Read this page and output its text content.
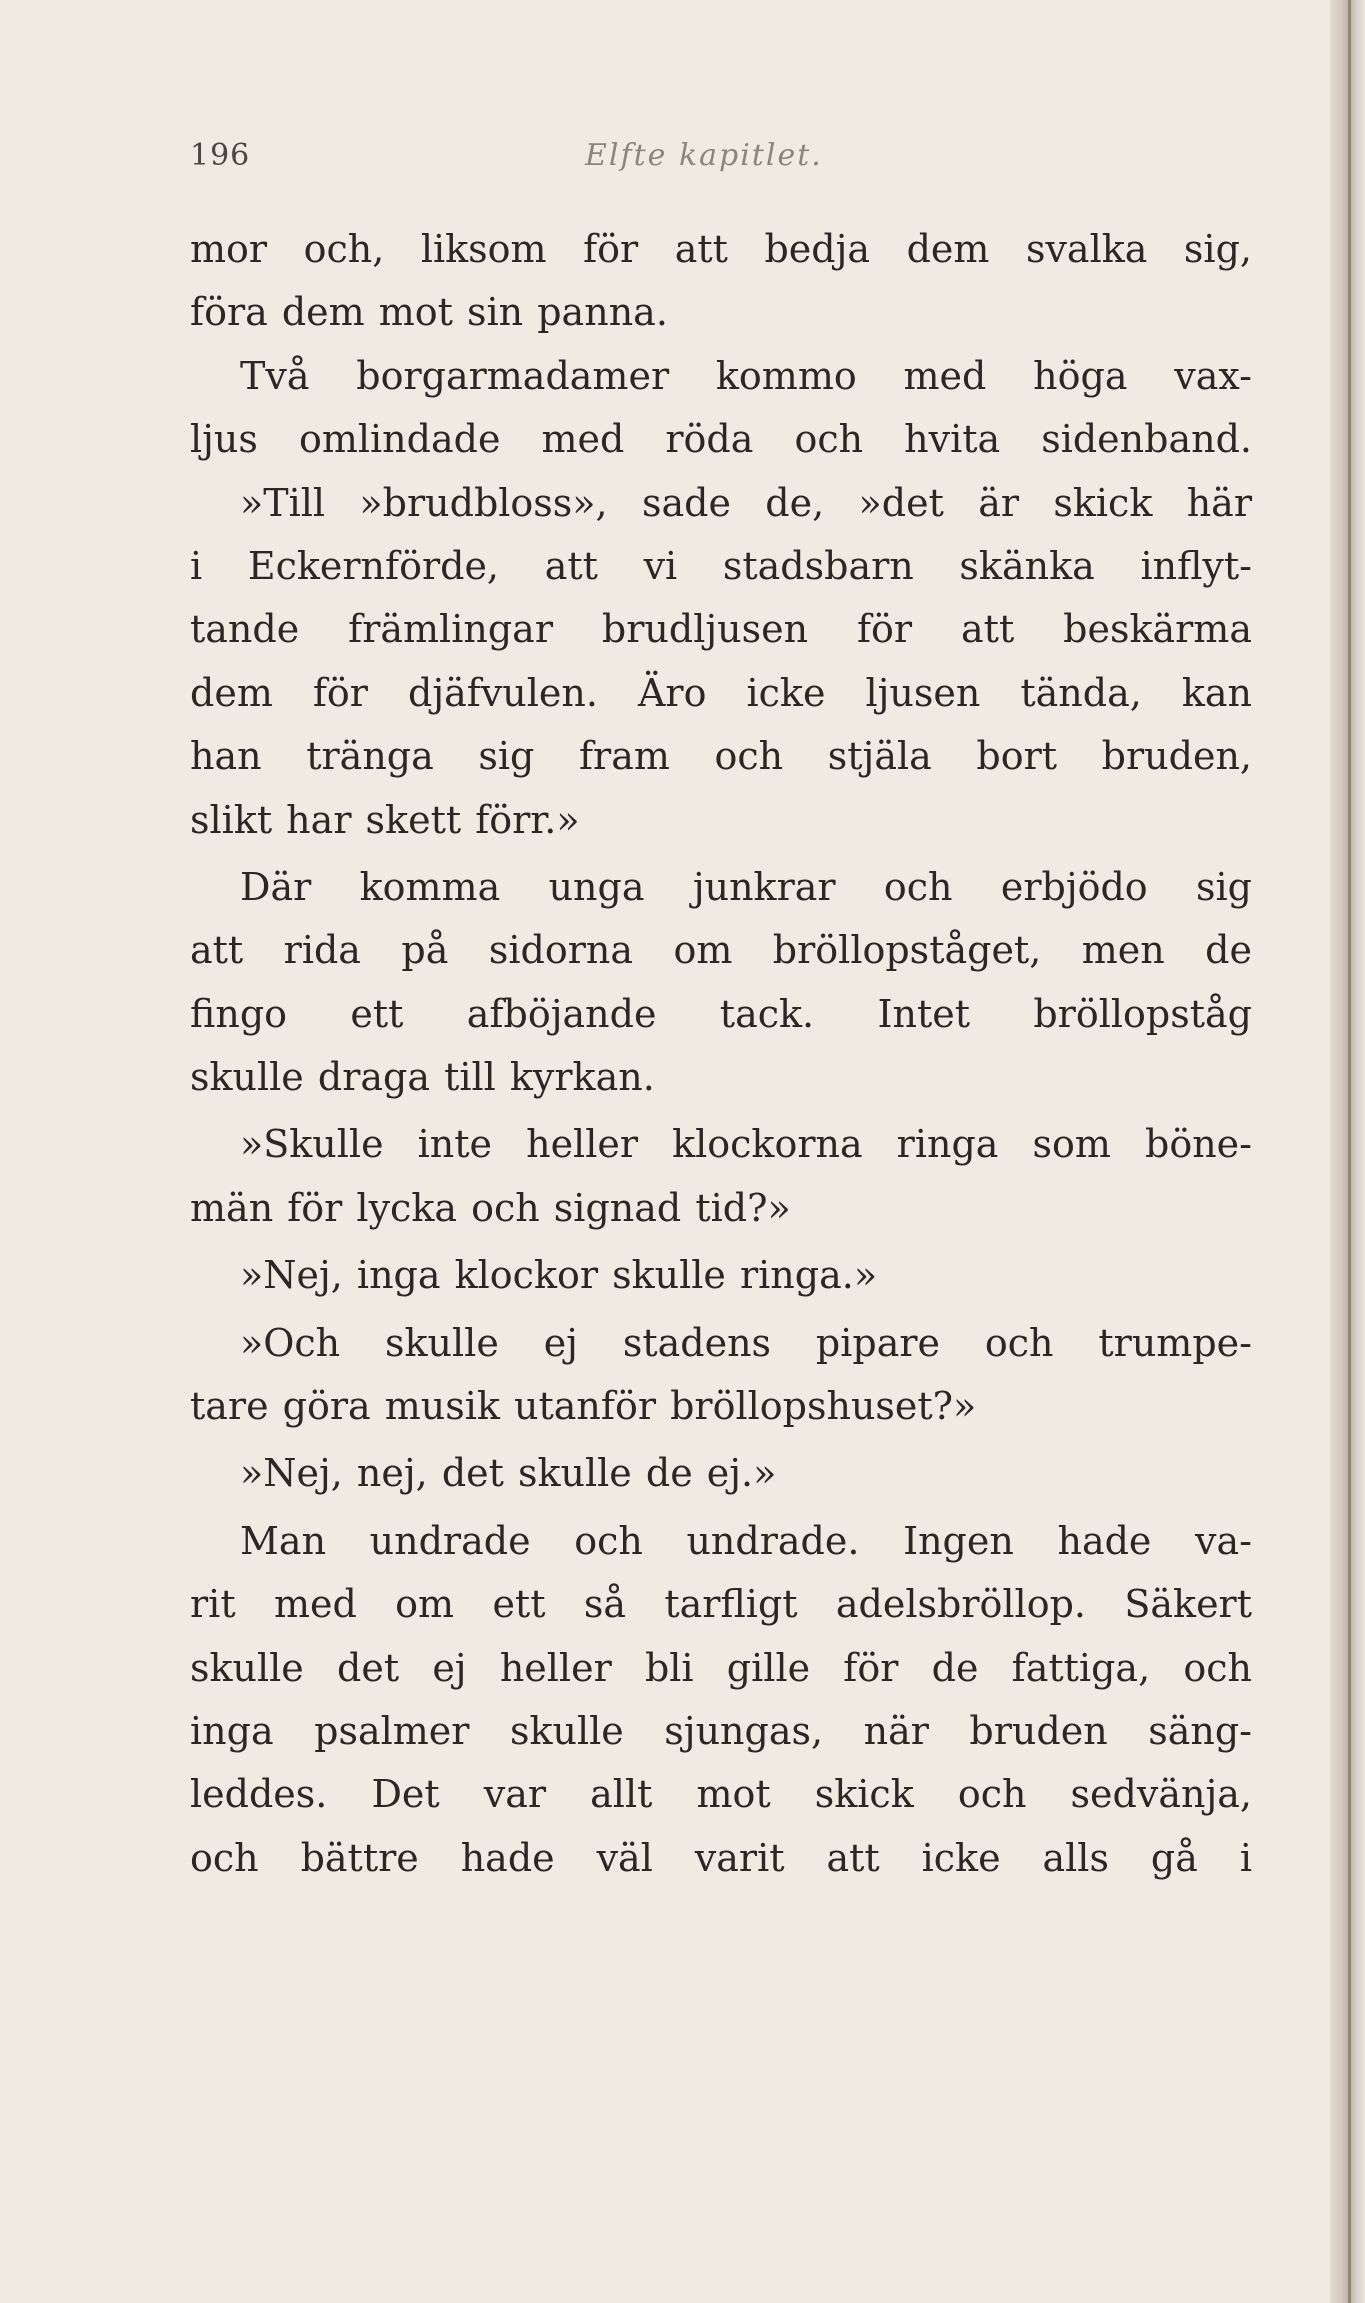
196	Elfte kapitlet.
mor och, liksom för att bedja dem svalka sig,
föra dem mot sin panna.
Två borgarmadamer kommo med höga vax-
ljus omlindade med röda och hvita sidenband.
»Till »brudbloss», sade de, »det är skick här
i Eckernförde, att vi stadsbarn skänka inflyt-
tande främlingar brudljusen för att beskärma
dem för djäfvulen. Äro icke ljusen tända, kan
han tränga sig fram och stjäla bort bruden,
slikt har skett förr.»
Där komma unga junkrar och erbjödo sig
att rida på sidorna om bröllopståget, men de
fingo ett afböjande tack. Intet bröllopståg
skulle draga till kyrkan.
»Skulle inte heller klockorna ringa som böne-
män för lycka och signad tid?»
»Nej, inga klockor skulle ringa.»
»Och skulle ej stadens pipare och trumpe-
tare göra musik utanför bröllopshuset?»
»Nej, nej, det skulle de ej.»
Man undrade och undrade. Ingen hade va-
rit med om ett så tarfligt adelsbröllop. Säkert
skulle det ej heller bli gille för de fattiga, och
inga psalmer skulle sjungas, när bruden säng-
leddes. Det var allt mot skick och sedvänja,
och bättre hade väl varit att icke alls gå i
